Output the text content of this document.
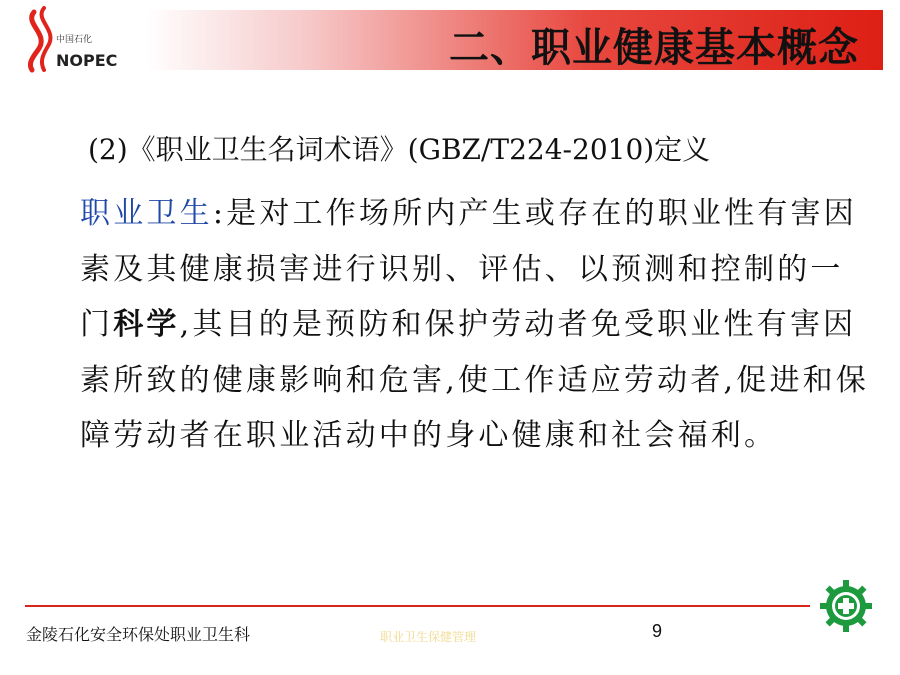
中国石化
NOPEC	二、职业健康基本概念
(2)《职业卫生名词术语》(GBZ/T224-2010)定义
职业卫生:是对工作场所内产生或存在的职业性有害因素及其健康损害进行识别、评估、以预测和控制的一门科学,其目的是预防和保护劳动者免受职业性有害因素所致的健康影响和危害,使工作适应劳动者,促进和保障劳动者在职业活动中的身心健康和社会福利。
金陵石化安全环保处职业卫生科	职业卫生保健管理	9
